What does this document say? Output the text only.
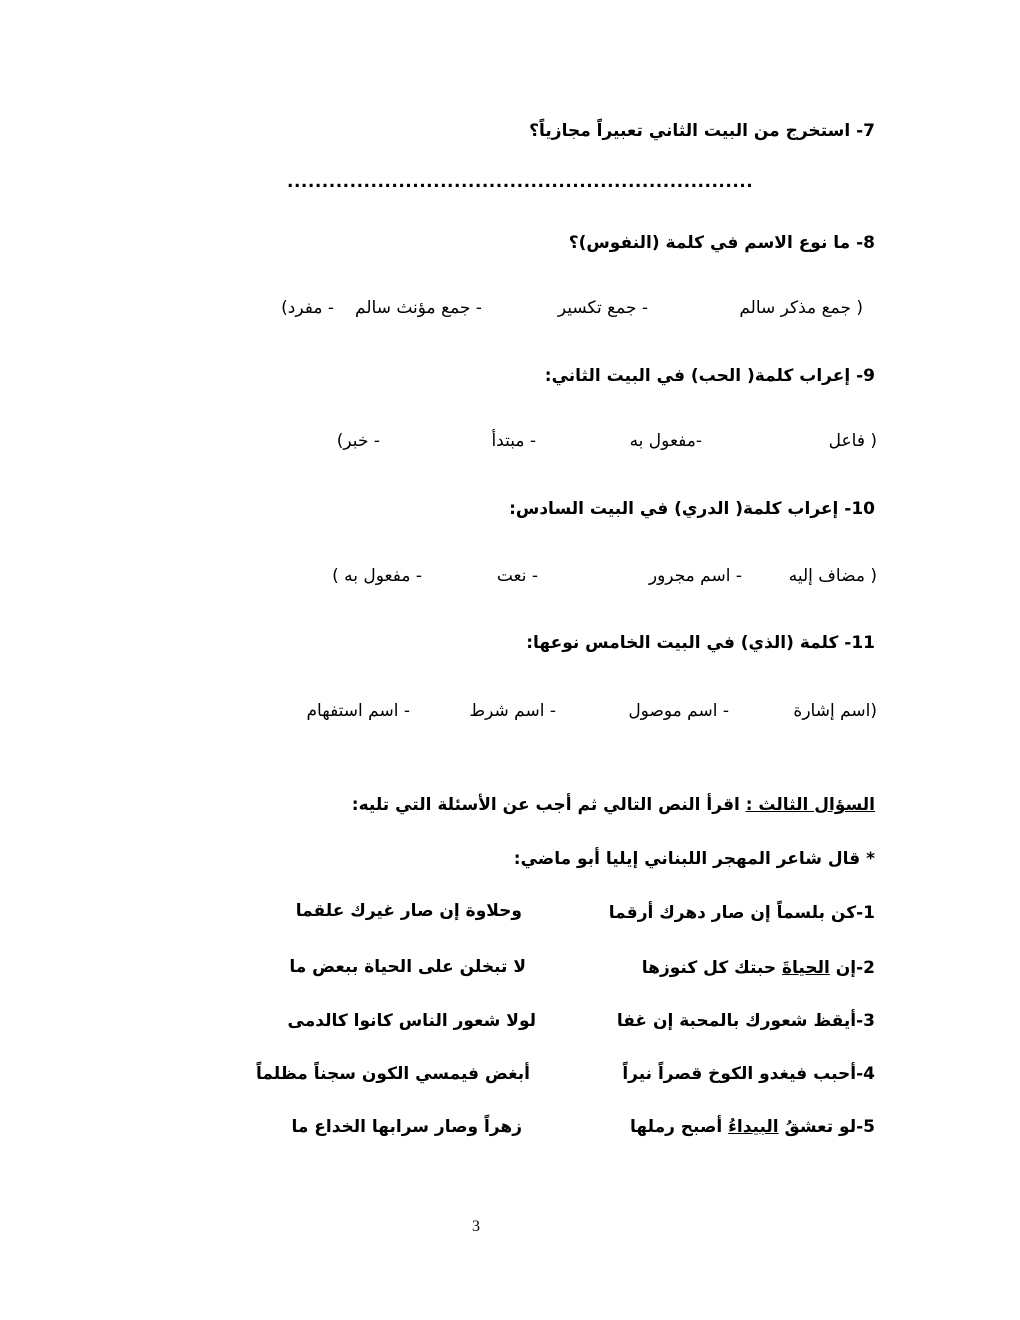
7- استخرج من البيت الثاني تعبيراً مجازياً؟
...................................................................
8- ما نوع الاسم في كلمة (النفوس)؟
( جمع مذكر سالم
- جمع تكسير
- جمع مؤنث سالم
- مفرد)
9- إعراب كلمة( الحب) في البيت الثاني:
( فاعل
-مفعول به
- مبتدأ
- خبر)
10- إعراب كلمة( الدري) في البيت السادس:
( مضاف إليه
- اسم مجرور
- نعت
- مفعول به )
11- كلمة (الذي) في البيت الخامس نوعها:
(اسم إشارة
- اسم موصول
- اسم شرط
- اسم استفهام
السؤال الثالث : اقرأ النص التالي ثم أجب عن الأسئلة التي تليه:
* قال شاعر المهجر اللبناني إيليا أبو ماضي:
1-كن بلسماً إن صار دهرك أرقما
وحلاوة إن صار غيرك علقما
2-إن الحياةَ حبتك كل كنوزها
لا تبخلن على الحياة ببعض ما
3-أيقظ شعورك بالمحبة إن غفا
لولا شعور الناس كانوا كالدمى
4-أحبب فيغدو الكوخ قصراً نيراً
أبغض فيمسي الكون سجناً مظلماً
5-لو تعشقُ البيداءُ أصبح رملها
زهراً وصار سرابها الخداع ما
3
